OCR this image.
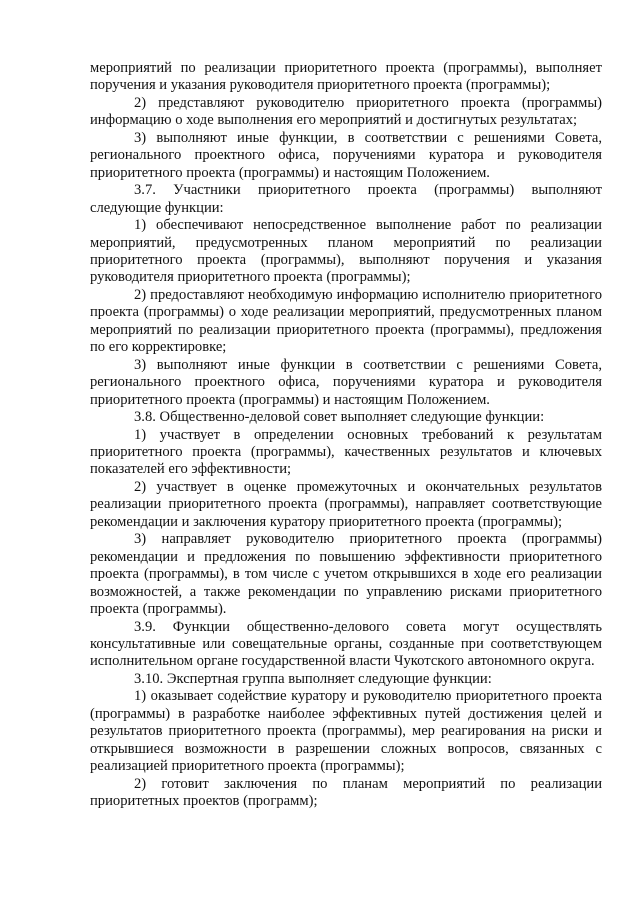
мероприятий по реализации приоритетного проекта (программы), выполняет поручения и указания руководителя приоритетного проекта (программы);

2) представляют руководителю приоритетного проекта (программы) информацию о ходе выполнения его мероприятий и достигнутых результатах;

3) выполняют иные функции, в соответствии с решениями Совета, регионального проектного офиса, поручениями куратора и руководителя приоритетного проекта (программы) и настоящим Положением.

3.7. Участники приоритетного проекта (программы) выполняют следующие функции:

1) обеспечивают непосредственное выполнение работ по реализации мероприятий, предусмотренных планом мероприятий по реализации приоритетного проекта (программы), выполняют поручения и указания руководителя приоритетного проекта (программы);

2) предоставляют необходимую информацию исполнителю приоритетного проекта (программы) о ходе реализации мероприятий, предусмотренных планом мероприятий по реализации приоритетного проекта (программы), предложения по его корректировке;

3) выполняют иные функции в соответствии с решениями Совета, регионального проектного офиса, поручениями куратора и руководителя приоритетного проекта (программы) и настоящим Положением.

3.8. Общественно-деловой совет выполняет следующие функции:

1) участвует в определении основных требований к результатам приоритетного проекта (программы), качественных результатов и ключевых показателей его эффективности;

2) участвует в оценке промежуточных и окончательных результатов реализации приоритетного проекта (программы), направляет соответствующие рекомендации и заключения куратору приоритетного проекта (программы);

3) направляет руководителю приоритетного проекта (программы) рекомендации и предложения по повышению эффективности приоритетного проекта (программы), в том числе с учетом открывшихся в ходе его реализации возможностей, а также рекомендации по управлению рисками приоритетного проекта (программы).

3.9. Функции общественно-делового совета могут осуществлять консультативные или совещательные органы, созданные при соответствующем исполнительном органе государственной власти Чукотского автономного округа.

3.10. Экспертная группа выполняет следующие функции:

1) оказывает содействие куратору и руководителю приоритетного проекта (программы) в разработке наиболее эффективных путей достижения целей и результатов приоритетного проекта (программы), мер реагирования на риски и открывшиеся возможности в разрешении сложных вопросов, связанных с реализацией приоритетного проекта (программы);

2) готовит заключения по планам мероприятий по реализации приоритетных проектов (программ);
